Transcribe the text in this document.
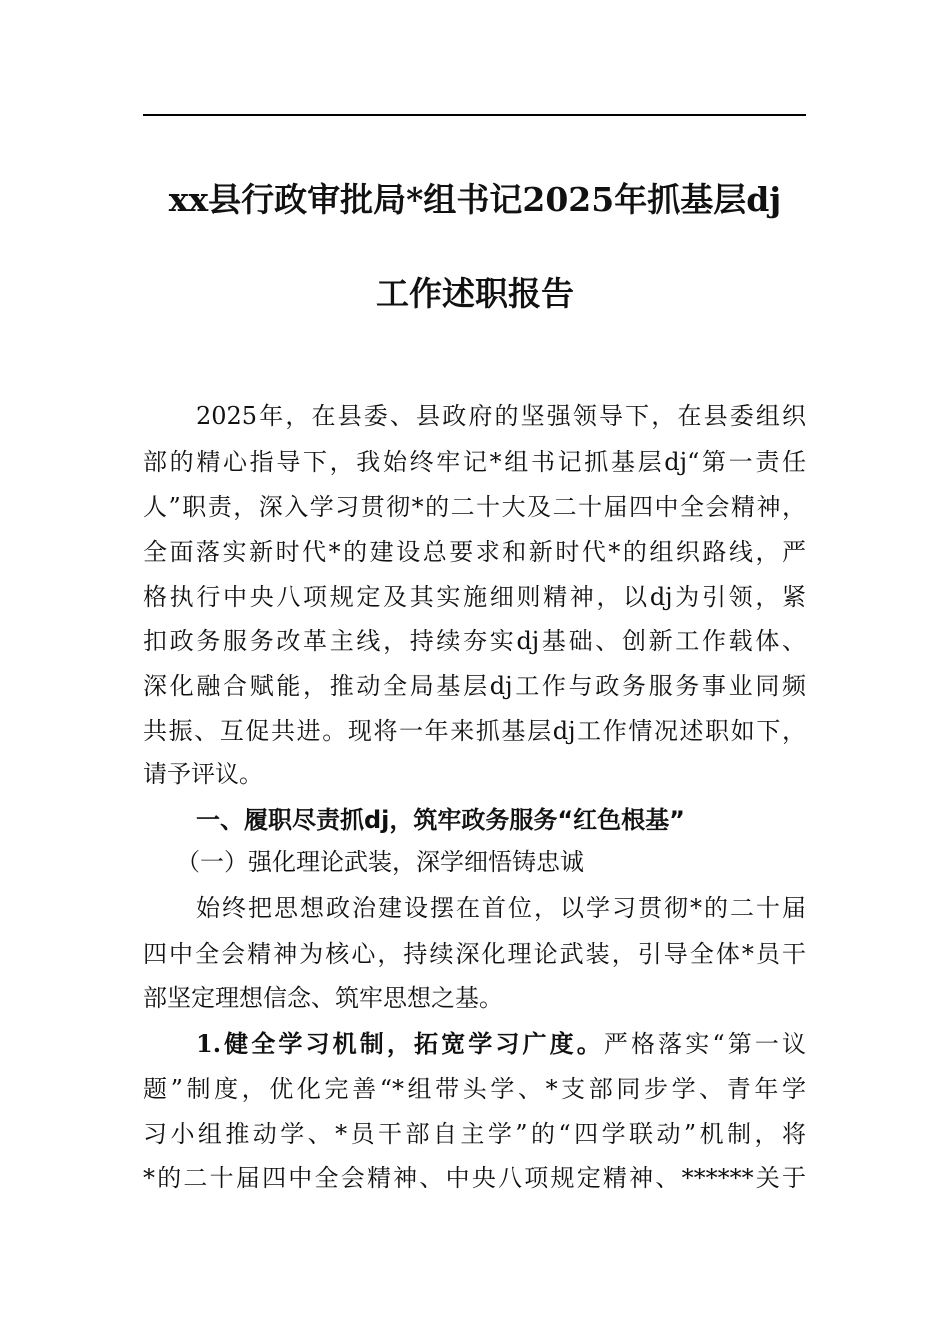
xx县行政审批局*组书记2025年抓基层dj
工作述职报告
2025年，在县委、县政府的坚强领导下，在县委组织
部的精心指导下，我始终牢记*组书记抓基层dj“第一责任
人”职责，深入学习贯彻*的二十大及二十届四中全会精神，
全面落实新时代*的建设总要求和新时代*的组织路线，严
格执行中央八项规定及其实施细则精神，以dj为引领，紧
扣政务服务改革主线，持续夯实dj基础、创新工作载体、
深化融合赋能，推动全局基层dj工作与政务服务事业同频
共振、互促共进。现将一年来抓基层dj工作情况述职如下，
请予评议。
一、履职尽责抓dj，筑牢政务服务“红色根基”
（一）强化理论武装，深学细悟铸忠诚
始终把思想政治建设摆在首位，以学习贯彻*的二十届
四中全会精神为核心，持续深化理论武装，引导全体*员干
部坚定理想信念、筑牢思想之基。
1.健全学习机制，拓宽学习广度。严格落实“第一议
题”制度，优化完善“*组带头学、*支部同步学、青年学
习小组推动学、*员干部自主学”的“四学联动”机制，将
*的二十届四中全会精神、中央八项规定精神、******关于
